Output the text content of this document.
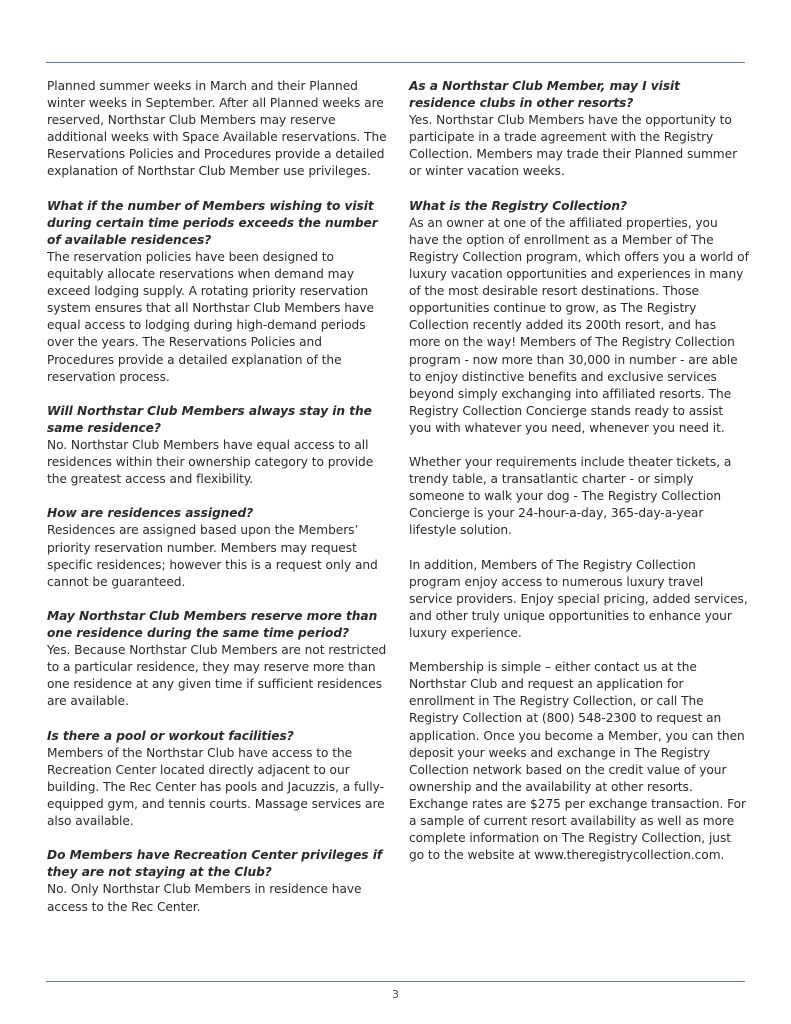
Planned summer weeks in March and their Planned winter weeks in September. After all Planned weeks are reserved, Northstar Club Members may reserve additional weeks with Space Available reservations. The Reservations Policies and Procedures provide a detailed explanation of Northstar Club Member use privileges.

What if the number of Members wishing to visit during certain time periods exceeds the number of available residences?
The reservation policies have been designed to equitably allocate reservations when demand may exceed lodging supply. A rotating priority reservation system ensures that all Northstar Club Members have equal access to lodging during high-demand periods over the years. The Reservations Policies and Procedures provide a detailed explanation of the reservation process.

Will Northstar Club Members always stay in the same residence?
No. Northstar Club Members have equal access to all residences within their ownership category to provide the greatest access and flexibility.

How are residences assigned?
Residences are assigned based upon the Members’ priority reservation number. Members may request specific residences; however this is a request only and cannot be guaranteed.

May Northstar Club Members reserve more than one residence during the same time period?
Yes. Because Northstar Club Members are not restricted to a particular residence, they may reserve more than one residence at any given time if sufficient residences are available.

Is there a pool or workout facilities?
Members of the Northstar Club have access to the Recreation Center located directly adjacent to our building. The Rec Center has pools and Jacuzzis, a fully-equipped gym, and tennis courts. Massage services are also available.

Do Members have Recreation Center privileges if they are not staying at the Club?
No. Only Northstar Club Members in residence have access to the Rec Center.

As a Northstar Club Member, may I visit residence clubs in other resorts?
Yes. Northstar Club Members have the opportunity to participate in a trade agreement with the Registry Collection. Members may trade their Planned summer or winter vacation weeks.

What is the Registry Collection?
As an owner at one of the affiliated properties, you have the option of enrollment as a Member of The Registry Collection program, which offers you a world of luxury vacation opportunities and experiences in many of the most desirable resort destinations. Those opportunities continue to grow, as The Registry Collection recently added its 200th resort, and has more on the way! Members of The Registry Collection program - now more than 30,000 in number - are able to enjoy distinctive benefits and exclusive services beyond simply exchanging into affiliated resorts. The Registry Collection Concierge stands ready to assist you with whatever you need, whenever you need it.

Whether your requirements include theater tickets, a trendy table, a transatlantic charter - or simply someone to walk your dog - The Registry Collection Concierge is your 24-hour-a-day, 365-day-a-year lifestyle solution.

In addition, Members of The Registry Collection program enjoy access to numerous luxury travel service providers. Enjoy special pricing, added services, and other truly unique opportunities to enhance your luxury experience.

Membership is simple – either contact us at the Northstar Club and request an application for enrollment in The Registry Collection, or call The Registry Collection at (800) 548-2300 to request an application. Once you become a Member, you can then deposit your weeks and exchange in The Registry Collection network based on the credit value of your ownership and the availability at other resorts. Exchange rates are $275 per exchange transaction. For a sample of current resort availability as well as more complete information on The Registry Collection, just go to the website at www.theregistrycollection.com.

3
